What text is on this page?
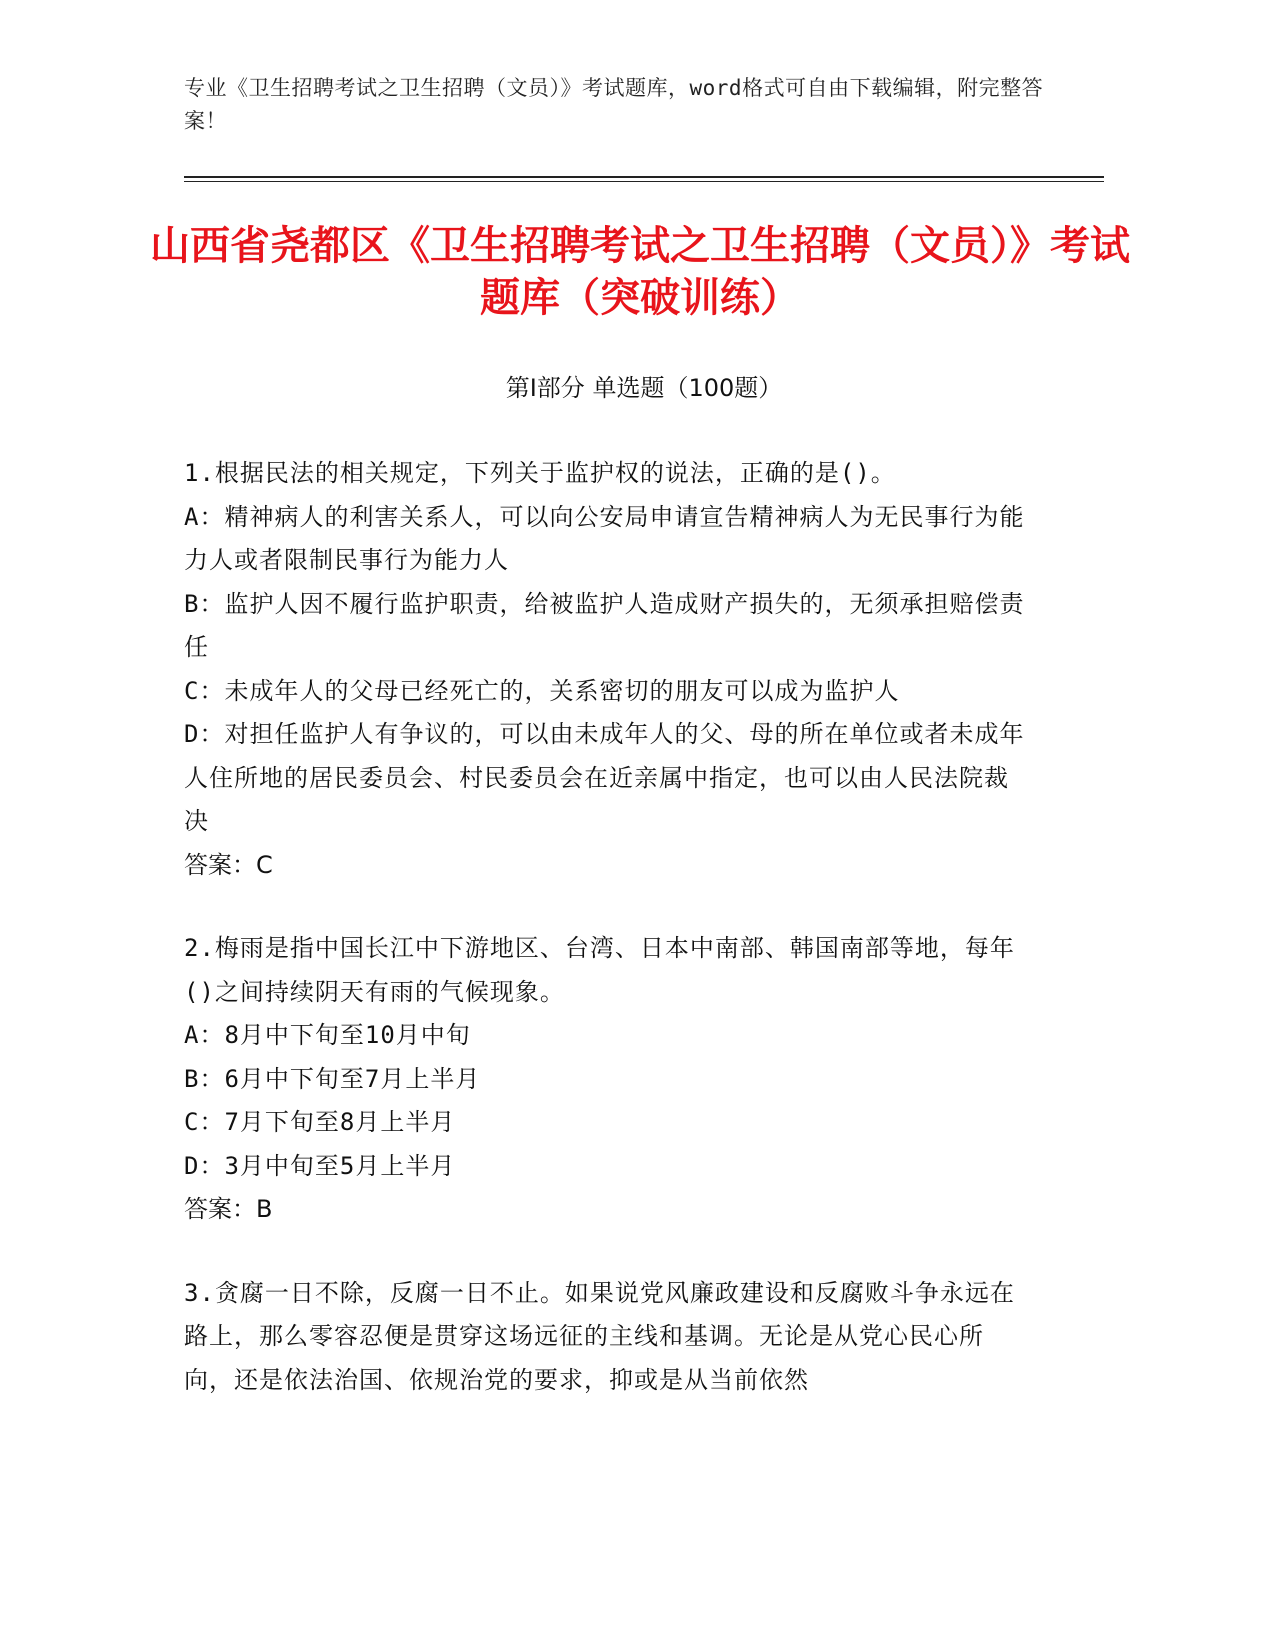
专业《卫生招聘考试之卫生招聘（文员）》考试题库，word格式可自由下载编辑，附完整答案！
山西省尧都区《卫生招聘考试之卫生招聘（文员）》考试题库（突破训练）
第I部分 单选题（100题）
1.根据民法的相关规定，下列关于监护权的说法，正确的是()。
A：精神病人的利害关系人，可以向公安局申请宣告精神病人为无民事行为能力人或者限制民事行为能力人
B：监护人因不履行监护职责，给被监护人造成财产损失的，无须承担赔偿责任
C：未成年人的父母已经死亡的，关系密切的朋友可以成为监护人
D：对担任监护人有争议的，可以由未成年人的父、母的所在单位或者未成年人住所地的居民委员会、村民委员会在近亲属中指定，也可以由人民法院裁决
答案：C
2.梅雨是指中国长江中下游地区、台湾、日本中南部、韩国南部等地，每年()之间持续阴天有雨的气候现象。
A：8月中下旬至10月中旬
B：6月中下旬至7月上半月
C：7月下旬至8月上半月
D：3月中旬至5月上半月
答案：B
3.贪腐一日不除，反腐一日不止。如果说党风廉政建设和反腐败斗争永远在路上，那么零容忍便是贯穿这场远征的主线和基调。无论是从党心民心所向，还是依法治国、依规治党的要求，抑或是从当前依然
